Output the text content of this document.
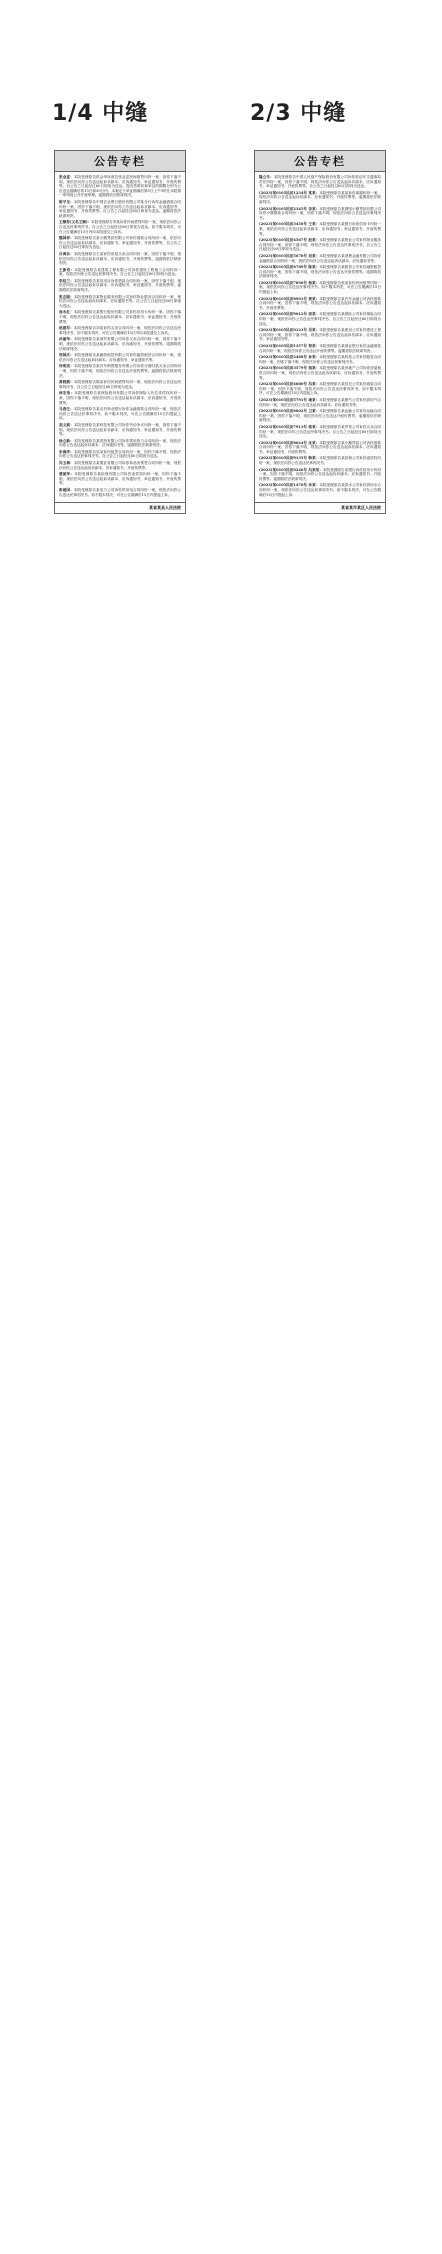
1/4 中缝	2/3 中缝
公告专栏

张金富：本院受理原告侯金华诉被告张金富民间借贷纠纷一案，因你下落不明，现依法向你公告送达起诉状副本、应诉通知书、举证通知书、开庭传票等。自公告之日起经过60日即视为送达。提出答辩状和举证的期限分别为公告送达期满后的15日和30日内。本案定于举证期满后第3日上午9时在本院第一审判庭公开开庭审理。逾期将依法缺席判决。

陈平龙：本院受理原告中国农业银行股份有限公司某分行诉你金融借款合同纠纷一案，因你下落不明，现依法向你公告送达起诉状副本、应诉通知书、举证通知书、开庭传票等。自公告之日起经过60日即视为送达。逾期将依法缺席判决。

王顺寿(又名王顺)：本院受理原告李某诉你民间借贷纠纷一案，现依法向你公告送达民事判决书。自公告之日起经过60日即视为送达。如不服本判决，可在公告期满后15日内向本院递交上诉状。

魏国祥：本院受理原告某小额贷款有限公司诉你借款合同纠纷一案，依法向你公告送达起诉状副本、应诉通知书、举证通知书、开庭传票等。自公告之日起经过60日即视为送达。

吕海东：本院受理原告王某诉你房屋买卖合同纠纷一案，因你下落不明，现依法向你公告送达起诉状副本、应诉通知书、开庭传票等。逾期将依法缺席判决。

王新奇：本院受理原告某建筑工程有限公司诉你建设工程施工合同纠纷一案，现依法向你公告送达民事判决书。自公告之日起经过60日即视为送达。

李桂兰：本院受理原告某信用社诉你借款合同纠纷一案，因你下落不明，现依法向你公告送达起诉状副本、应诉通知书、举证通知书、开庭传票等。逾期将依法缺席判决。

张志刚：本院受理原告某物业服务有限公司诉你物业服务合同纠纷一案，现依法向你公告送达起诉状副本、应诉通知书等。自公告之日起经过60日即视为送达。

周永红：本院受理原告某银行股份有限公司诉你信用卡纠纷一案，因你下落不明，现依法向你公告送达起诉状副本、应诉通知书、举证通知书、开庭传票等。

赵建军：本院受理原告刘某诉你买卖合同纠纷一案，现依法向你公告送达民事判决书。如不服本判决，可在公告期满后15日内向本院递交上诉状。

孙丽华：本院受理原告某商贸有限公司诉你买卖合同纠纷一案，因你下落不明，现依法向你公告送达起诉状副本、应诉通知书、开庭传票等。逾期将依法缺席判决。

郑国庆：本院受理原告某融资租赁有限公司诉你融资租赁合同纠纷一案，现依法向你公告送达起诉状副本、应诉通知书、举证通知书等。

何明亮：本院受理原告某汽车销售服务有限公司诉你分期付款买卖合同纠纷一案，因你下落不明，现依法向你公告送达开庭传票等。逾期将依法缺席判决。

黄晓燕：本院受理原告陈某诉你民间借贷纠纷一案，现依法向你公告送达民事判决书。自公告之日起经过60日即视为送达。

林宏伟：本院受理原告某保险股份有限公司诉你保险人代位求偿权纠纷一案，因你下落不明，现依法向你公告送达起诉状副本、应诉通知书、开庭传票等。

马春生：本院受理原告某农村商业银行诉你金融借款合同纠纷一案，现依法向你公告送达民事判决书。如不服本判决，可在公告期满后15日内提起上诉。

高文斌：本院受理原告某科技有限公司诉你劳动争议纠纷一案，因你下落不明，现依法向你公告送达起诉状副本、应诉通知书、举证通知书、开庭传票等。

徐立新：本院受理原告某供热有限公司诉你供用热力合同纠纷一案，现依法向你公告送达起诉状副本、应诉通知书等。逾期将依法缺席判决。

朱海洋：本院受理原告吴某诉你租赁合同纠纷一案，因你下落不明，现依法向你公告送达民事判决书。自公告之日起经过60日即视为送达。

冯玉梅：本院受理原告某置业有限公司诉你商品房预售合同纠纷一案，现依法向你公告送达起诉状副本、应诉通知书、开庭传票等。

曹振华：本院受理原告某担保有限公司诉你追偿权纠纷一案，因你下落不明，现依法向你公告送达起诉状副本、应诉通知书、举证通知书、开庭传票等。

彭建国：本院受理原告某电力公司诉你供用电合同纠纷一案，现依法向你公告送达民事判决书。如不服本判决，可在公告期满后15日内提起上诉。

某省某县人民法院
公告专栏

隆立冬：本院受理原告中国人民财产保险股份有限公司诉你机动车交通事故责任纠纷一案，因你下落不明，现依法向你公告送达起诉状副本、应诉通知书、举证通知书、开庭传票等。自公告之日起经过60日即视为送达。

(2023)某0105民初1234号 某某：本院受理原告某某诉你离婚纠纷一案，现依法向你公告送达起诉状副本、应诉通知书、开庭传票等。逾期将依法缺席判决。

(2023)某0105民初2345号 李某：本院受理原告某网络小额贷款有限公司诉你小额借款合同纠纷一案，因你下落不明，现依法向你公告送达民事判决书。

(2023)某0105民初3456号 王某：本院受理原告某银行诉你信用卡纠纷一案，现依法向你公告送达起诉状副本、应诉通知书、举证通知书、开庭传票等。

(2023)某0105民初4567号 赵某：本院受理原告某物业公司诉你物业服务合同纠纷一案，因你下落不明，现依法向你公告送达民事判决书。自公告之日起经过60日即视为送达。

(2023)某0105民初5678号 刘某：本院受理原告某消费金融有限公司诉你金融借款合同纠纷一案，现依法向你公告送达起诉状副本、应诉通知书等。

(2023)某0105民初6789号 陈某：本院受理原告某租赁公司诉你融资租赁合同纠纷一案，因你下落不明，现依法向你公告送达开庭传票等。逾期将依法缺席判决。

(2023)某0105民初7890号 杨某：本院受理原告张某诉你民间借贷纠纷一案，现依法向你公告送达民事判决书。如不服本判决，可在公告期满后15日内提起上诉。

(2023)某0105民初8901号 黄某：本院受理原告某汽车金融公司诉你借款合同纠纷一案，因你下落不明，现依法向你公告送达起诉状副本、应诉通知书、开庭传票等。

(2023)某0105民初9012号 周某：本院受理原告某保险公司诉你保险合同纠纷一案，现依法向你公告送达民事判决书。自公告之日起经过60日即视为送达。

(2023)某0105民初0123号 吴某：本院受理原告某建设公司诉你建设工程合同纠纷一案，因你下落不明，现依法向你公告送达起诉状副本、应诉通知书、举证通知书等。

(2023)某0105民初1357号 郑某：本院受理原告某商业银行诉你金融借款合同纠纷一案，现依法向你公告送达开庭传票等。逾期将依法缺席判决。

(2023)某0105民初2468号 孙某：本院受理原告某科技公司诉你服务合同纠纷一案，因你下落不明，现依法向你公告送达民事判决书。

(2023)某0105民初3579号 钱某：本院受理原告某房地产公司诉你房屋租赁合同纠纷一案，现依法向你公告送达起诉状副本、应诉通知书、开庭传票等。

(2023)某0105民初4680号 冯某：本院受理原告某信托公司诉你借款合同纠纷一案，因你下落不明，现依法向你公告送达民事判决书。如不服本判决，可在公告期满后15日内提起上诉。

(2023)某0105民初5791号 褚某：本院受理原告某燃气公司诉你供用气合同纠纷一案，现依法向你公告送达起诉状副本、应诉通知书等。

(2023)某0105民初6802号 卫某：本院受理原告某运输公司诉你运输合同纠纷一案，因你下落不明，现依法向你公告送达开庭传票等。逾期将依法缺席判决。

(2023)某0105民初7913号 蒋某：本院受理原告某贸易公司诉你买卖合同纠纷一案，现依法向你公告送达民事判决书。自公告之日起经过60日即视为送达。

(2023)某0105民初8024号 沈某：本院受理原告某小额贷款公司诉你借款合同纠纷一案，因你下落不明，现依法向你公告送达起诉状副本、应诉通知书、举证通知书、开庭传票等。

(2023)某0105民初9135号 韩某：本院受理原告某担保公司诉你追偿权纠纷一案，现依法向你公告送达民事判决书。

(2023)某0105民初0246号 冯某某：本院受理原告某银行诉你信用卡纠纷一案，因你下落不明，现依法向你公告送达起诉状副本、应诉通知书、开庭传票等。逾期将依法缺席判决。

(2023)某0105民初1470号 朱某：本院受理原告某供水公司诉你供用水合同纠纷一案，现依法向你公告送达民事判决书。如不服本判决，可在公告期满后15日内提起上诉。

某省某市某区人民法院
